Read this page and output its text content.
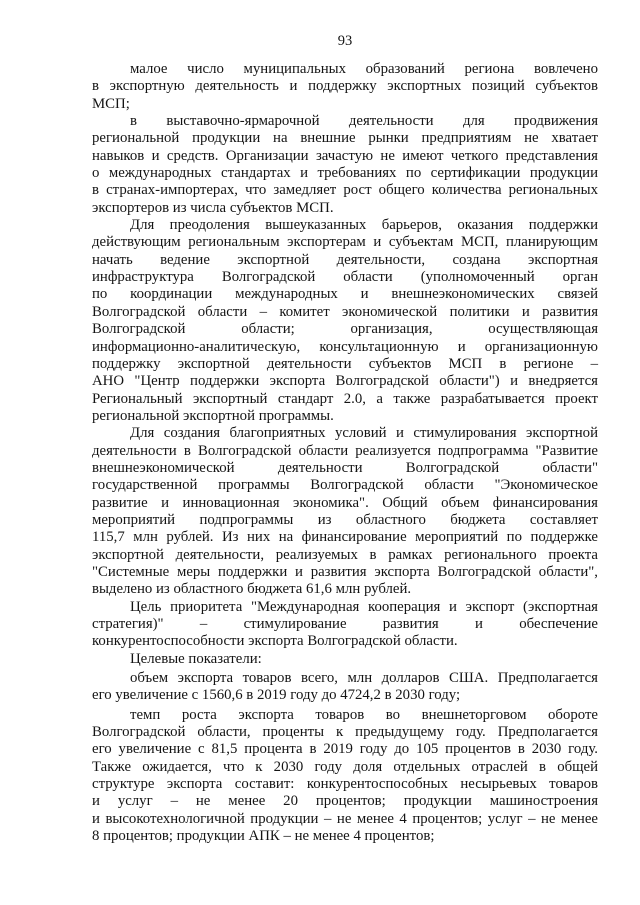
93
малое число муниципальных образований региона вовлечено
в экспортную деятельность и поддержку экспортных позиций субъектов
МСП;
в выставочно-ярмарочной деятельности для продвижения
региональной продукции на внешние рынки предприятиям не хватает
навыков и средств. Организации зачастую не имеют четкого представления
о международных стандартах и требованиях по сертификации продукции
в странах-импортерах, что замедляет рост общего количества региональных
экспортеров из числа субъектов МСП.
Для преодоления вышеуказанных барьеров, оказания поддержки
действующим региональным экспортерам и субъектам МСП, планирующим
начать ведение экспортной деятельности, создана экспортная
инфраструктура Волгоградской области (уполномоченный орган
по координации международных и внешнеэкономических связей
Волгоградской области – комитет экономической политики и развития
Волгоградской области; организация, осуществляющая
информационно-аналитическую, консультационную и организационную
поддержку экспортной деятельности субъектов МСП в регионе –
АНО "Центр поддержки экспорта Волгоградской области") и внедряется
Региональный экспортный стандарт 2.0, а также разрабатывается проект
региональной экспортной программы.
Для создания благоприятных условий и стимулирования экспортной
деятельности в Волгоградской области реализуется подпрограмма "Развитие
внешнеэкономической деятельности Волгоградской области"
государственной программы Волгоградской области "Экономическое
развитие и инновационная экономика". Общий объем финансирования
мероприятий подпрограммы из областного бюджета составляет
115,7 млн рублей. Из них на финансирование мероприятий по поддержке
экспортной деятельности, реализуемых в рамках регионального проекта
"Системные меры поддержки и развития экспорта Волгоградской области",
выделено из областного бюджета 61,6 млн рублей.
Цель приоритета "Международная кооперация и экспорт (экспортная
стратегия)" – стимулирование развития и обеспечение
конкурентоспособности экспорта Волгоградской области.
Целевые показатели:
объем экспорта товаров всего, млн долларов США. Предполагается
его увеличение с 1560,6 в 2019 году до 4724,2 в 2030 году;
темп роста экспорта товаров во внешнеторговом обороте
Волгоградской области, проценты к предыдущему году. Предполагается
его увеличение с 81,5 процента в 2019 году до 105 процентов в 2030 году.
Также ожидается, что к 2030 году доля отдельных отраслей в общей
структуре экспорта составит: конкурентоспособных несырьевых товаров
и услуг – не менее 20 процентов; продукции машиностроения
и высокотехнологичной продукции – не менее 4 процентов; услуг – не менее
8 процентов; продукции АПК – не менее 4 процентов;
